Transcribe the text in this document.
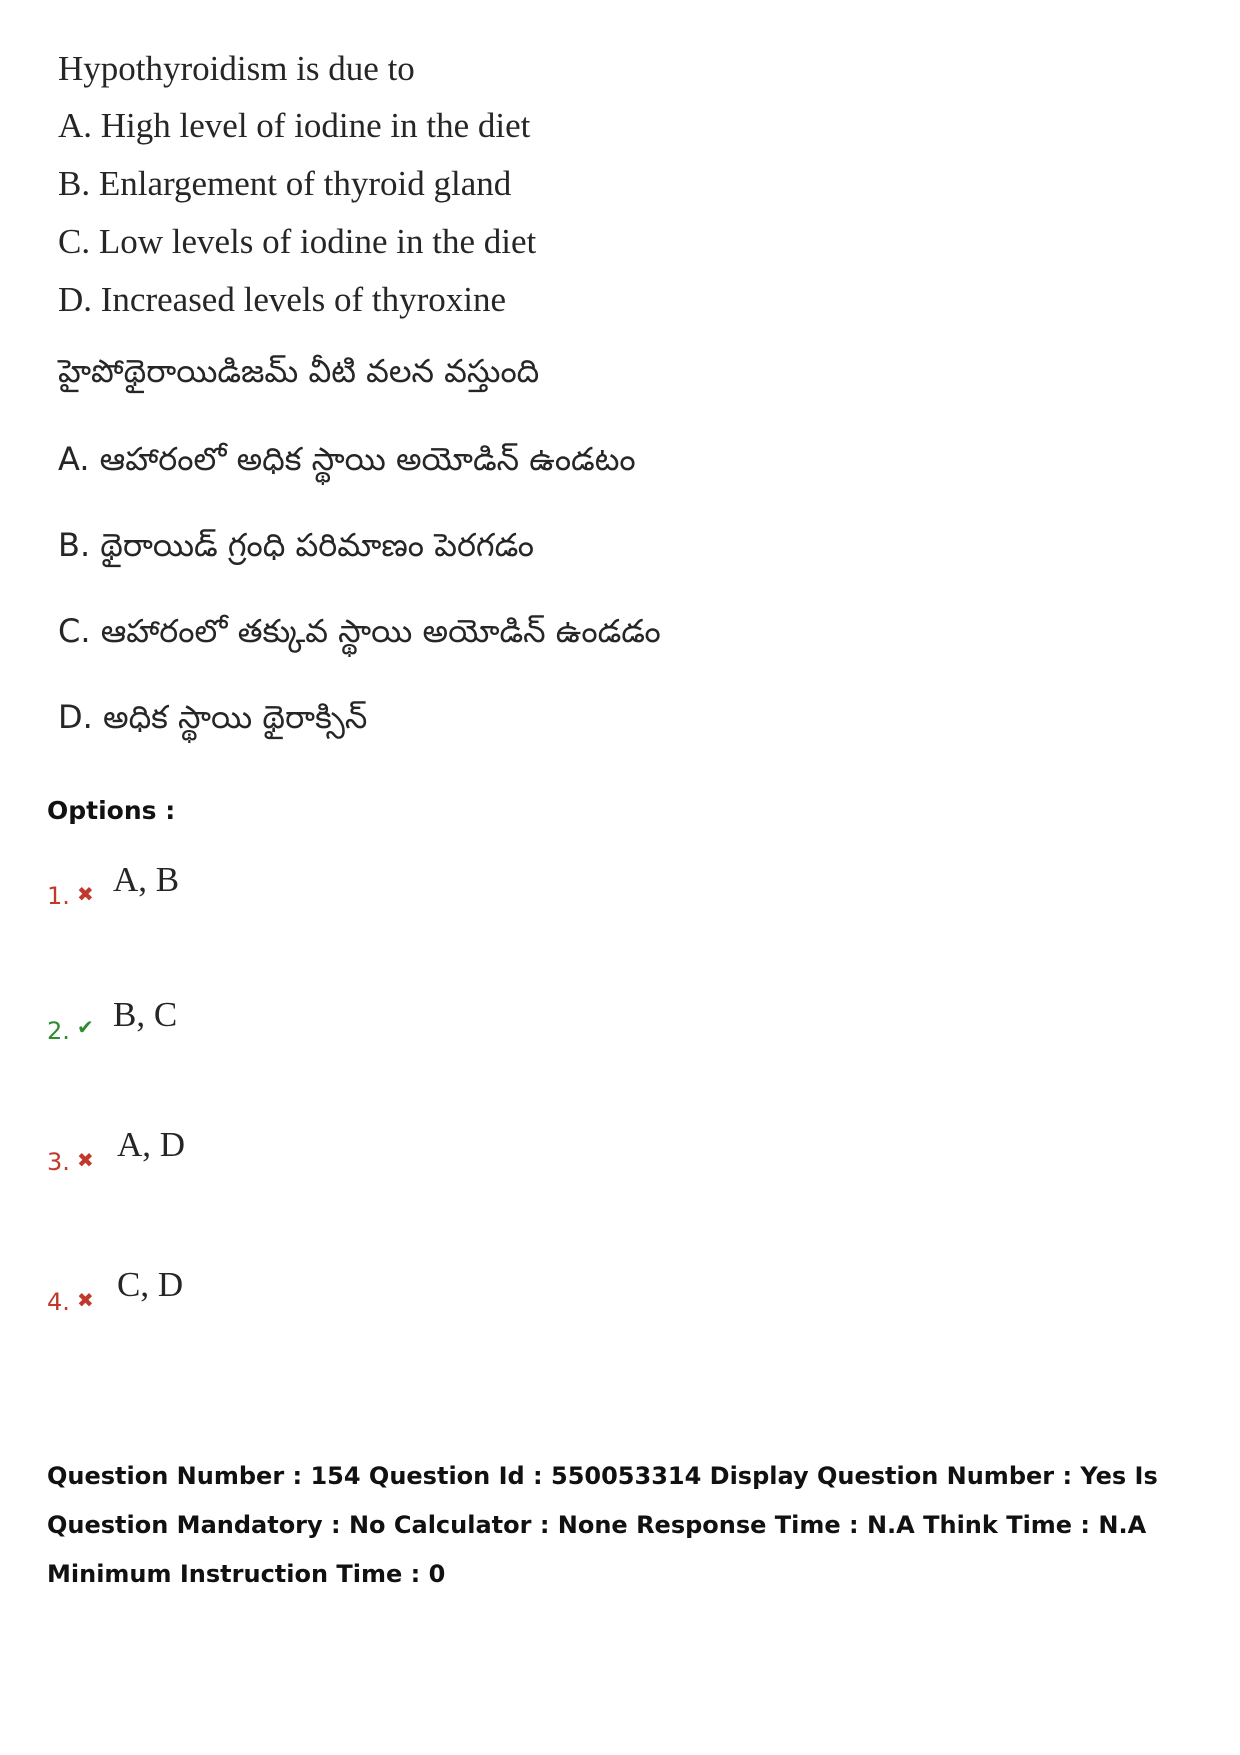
Hypothyroidism is due to
A. High level of iodine in the diet
B. Enlargement of thyroid gland
C. Low levels of iodine in the diet
D. Increased levels of thyroxine
హైపోథైరాయిడిజమ్ వీటి వలన వస్తుంది
A. ఆహారంలో అధిక స్థాయి అయోడిన్ ఉండటం
B. థైరాయిడ్ గ్రంధి పరిమాణం పెరగడం
C. ఆహారంలో తక్కువ స్థాయి అయోడిన్ ఉండడం
D. అధిక స్థాయి థైరాక్సిన్
Options :
1. ✖ A, B
2. ✔ B, C
3. ✖ A, D
4. ✖ C, D
Question Number : 154 Question Id : 550053314 Display Question Number : Yes Is Question Mandatory : No Calculator : None Response Time : N.A Think Time : N.A Minimum Instruction Time : 0
